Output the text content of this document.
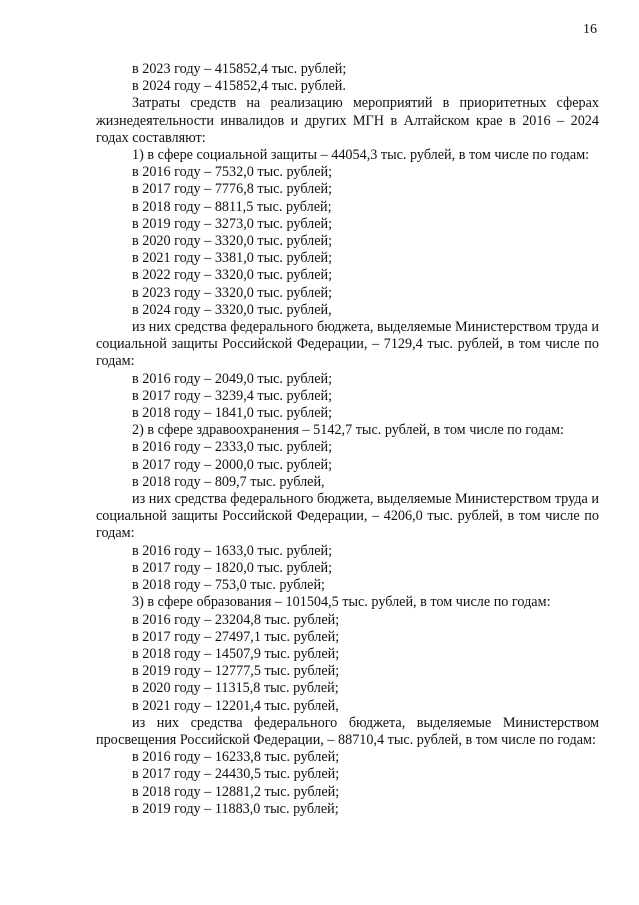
16
в 2023 году – 415852,4 тыс. рублей;
в 2024 году – 415852,4 тыс. рублей.
Затраты средств на реализацию мероприятий в приоритетных сферах жизнедеятельности инвалидов и других МГН в Алтайском крае в 2016 – 2024 годах составляют:
1) в сфере социальной защиты – 44054,3 тыс. рублей, в том числе по годам:
в 2016 году – 7532,0 тыс. рублей;
в 2017 году – 7776,8 тыс. рублей;
в 2018 году – 8811,5 тыс. рублей;
в 2019 году – 3273,0 тыс. рублей;
в 2020 году – 3320,0 тыс. рублей;
в 2021 году – 3381,0 тыс. рублей;
в 2022 году – 3320,0 тыс. рублей;
в 2023 году – 3320,0 тыс. рублей;
в 2024 году – 3320,0 тыс. рублей,
из них средства федерального бюджета, выделяемые Министерством труда и социальной защиты Российской Федерации, – 7129,4 тыс. рублей, в том числе по годам:
в 2016 году – 2049,0 тыс. рублей;
в 2017 году – 3239,4 тыс. рублей;
в 2018 году – 1841,0 тыс. рублей;
2) в сфере здравоохранения – 5142,7 тыс. рублей, в том числе по годам:
в 2016 году – 2333,0 тыс. рублей;
в 2017 году – 2000,0 тыс. рублей;
в 2018 году – 809,7 тыс. рублей,
из них средства федерального бюджета, выделяемые Министерством труда и социальной защиты Российской Федерации, – 4206,0 тыс. рублей, в том числе по годам:
в 2016 году – 1633,0 тыс. рублей;
в 2017 году – 1820,0 тыс. рублей;
в 2018 году – 753,0 тыс. рублей;
3) в сфере образования – 101504,5 тыс. рублей, в том числе по годам:
в 2016 году – 23204,8 тыс. рублей;
в 2017 году – 27497,1 тыс. рублей;
в 2018 году – 14507,9 тыс. рублей;
в 2019 году – 12777,5 тыс. рублей;
в 2020 году – 11315,8 тыс. рублей;
в 2021 году – 12201,4 тыс. рублей,
из них средства федерального бюджета, выделяемые Министерством просвещения Российской Федерации, – 88710,4 тыс. рублей, в том числе по годам:
в 2016 году – 16233,8 тыс. рублей;
в 2017 году – 24430,5 тыс. рублей;
в 2018 году – 12881,2 тыс. рублей;
в 2019 году – 11883,0 тыс. рублей;
